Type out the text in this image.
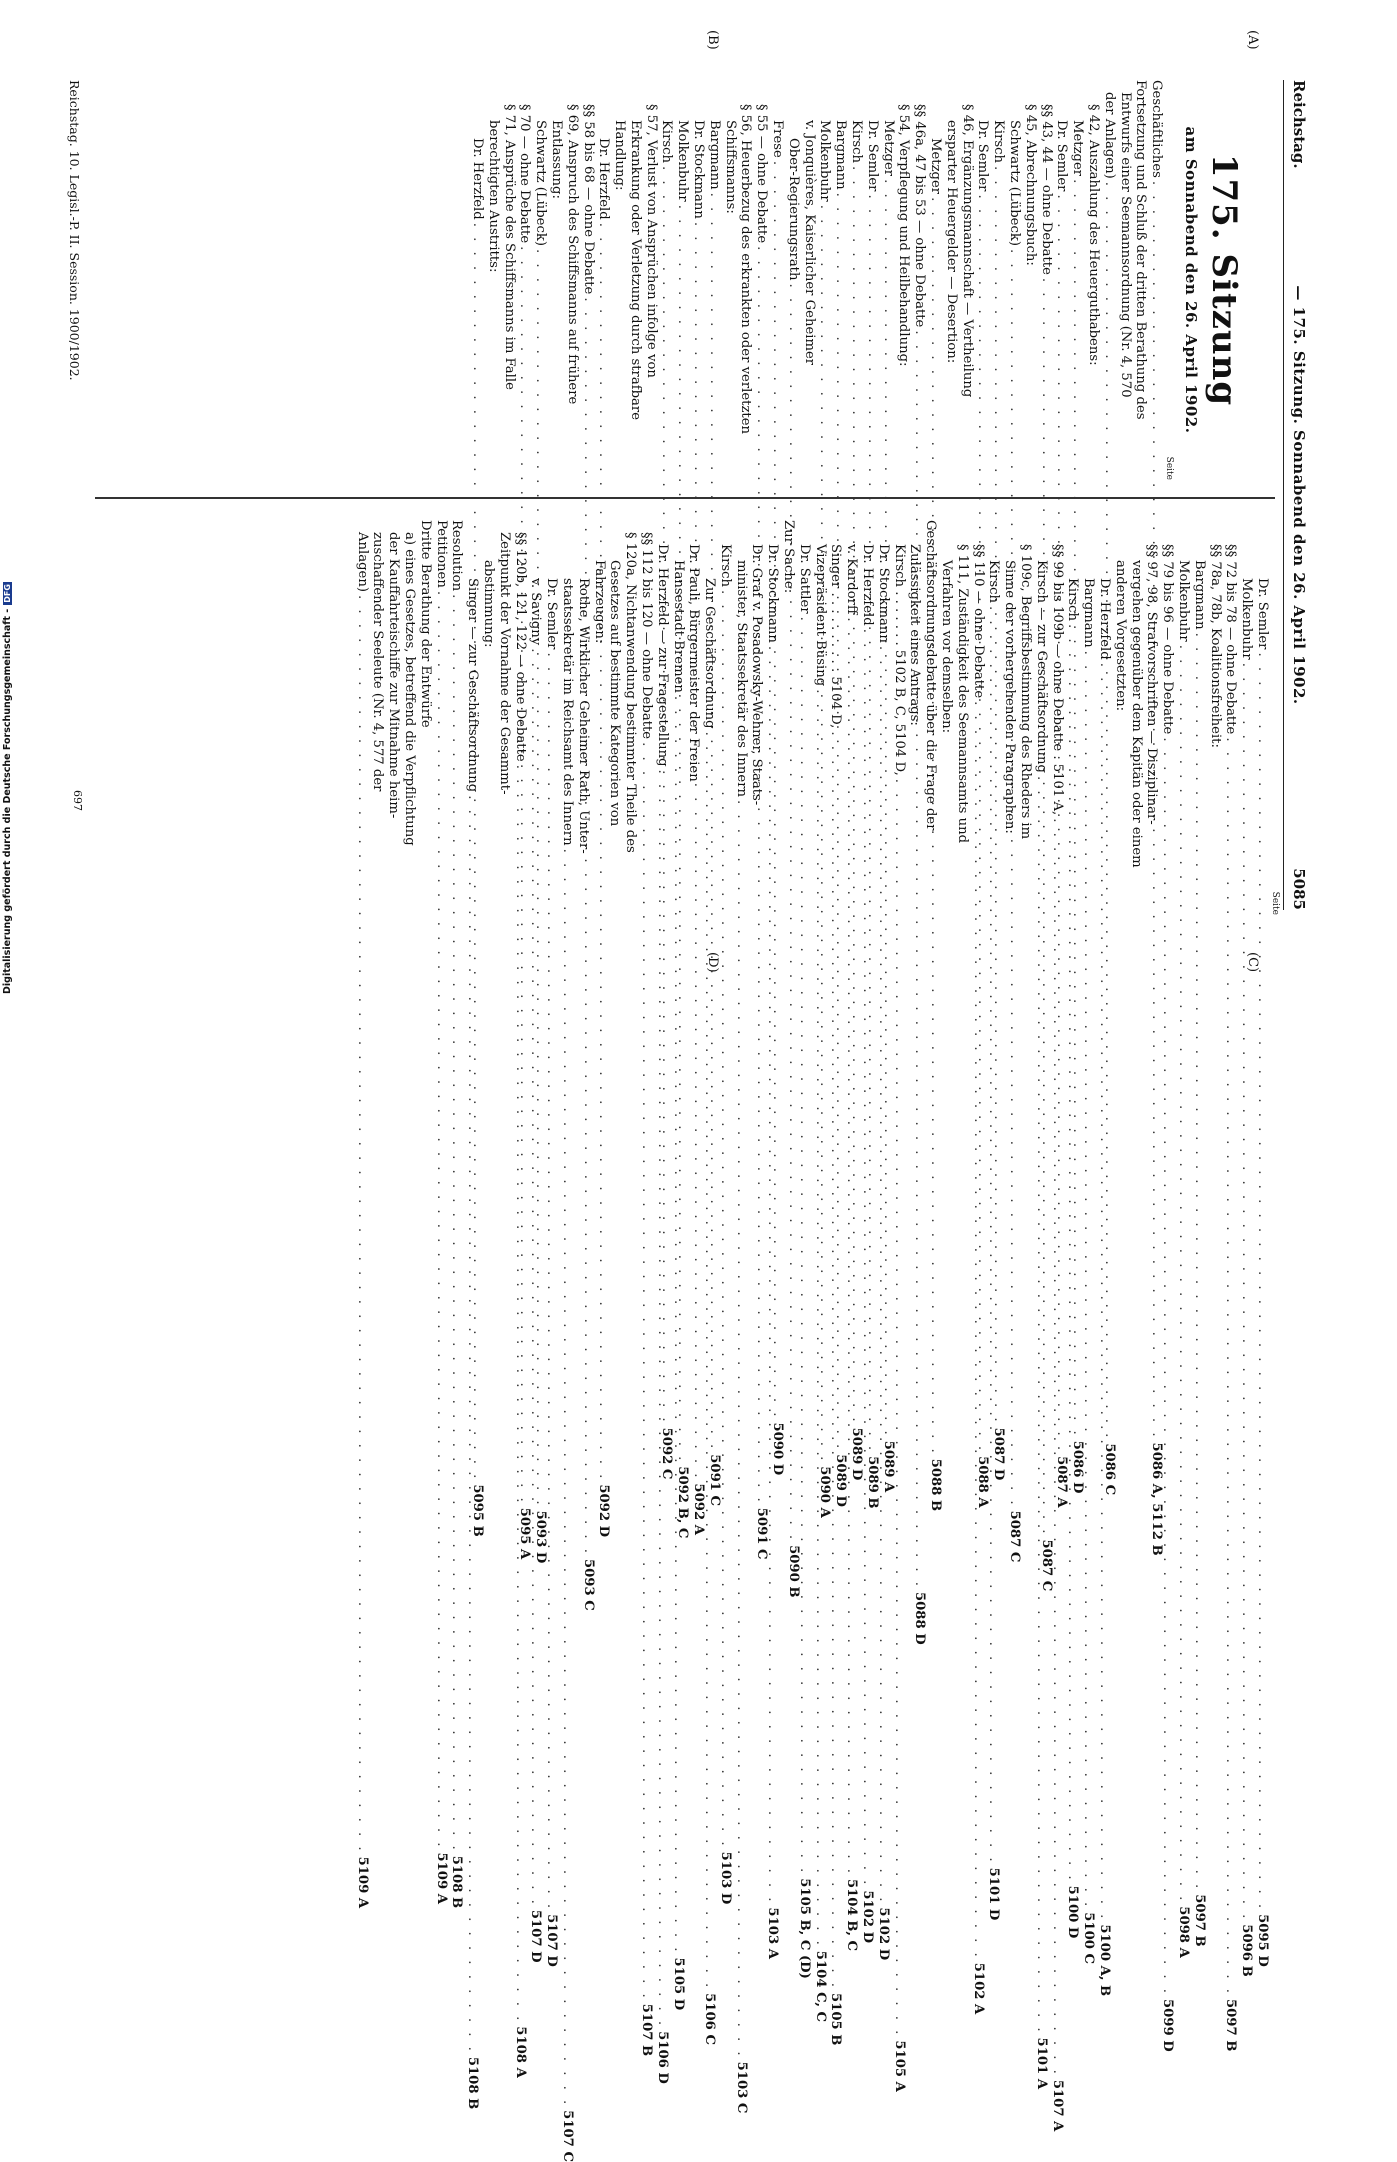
Reichstag.
— 175. Sitzung. Sonnabend den 26. April 1902.
5085
(A)
(B)
(C)
(D)
175. Sitzung
am Sonnabend den 26. April 1902.
Seite
Geschäftliches
. . .
5086 A, 5112 B
Fortsetzung und Schluß der dritten Berathung des
Entwurfs einer Seemannsordnung (Nr. 4, 570
der Anlagen)
. . .
5086 C
§ 42, Auszahlung des Heuerguthabens:
Metzger
. . .
5086 D
Dr. Semler
. . .
5087 A
§§ 43, 44 — ohne Debatte
. . .
5087 C
§ 45, Abrechnungsbuch:
Schwartz (Lübeck)
. . .
5087 C
Kirsch
. . .
5087 D
Dr. Semler
. . .
5088 A
§ 46, Ergänzungsmannschaft — Vertheilung
ersparter Heuergelder — Desertion:
Metzger
. . .
5088 B
§§ 46a, 47 bis 53 — ohne Debatte
. . .
5088 D
§ 54, Verpflegung und Heilbehandlung:
Metzger
. . .
5089 A
Dr. Semler
. . .
5089 B
Kirsch
. . .
5089 D
Bargmann
. . .
5089 D
Molkenbuhr
. . .
5090 A
v. Jonquières, Kaiserlicher Geheimer
Ober-Regierungsrath
. . .
5090 B
Frese
. . .
5090 D
§ 55 — ohne Debatte
. . .
5091 C
§ 56, Heuerbezug des erkrankten oder verletzten
Schiffsmanns:
Bargmann
. . .
5091 C
Dr. Stockmann
. . .
5092 A
Molkenbuhr
. . .
5092 B, C
Kirsch
. . .
5092 C
§ 57, Verlust von Ansprüchen infolge von
Erkrankung oder Verletzung durch strafbare
Handlung:
Dr. Herzfeld
. . .
5092 D
§§ 58 bis 68 — ohne Debatte
. . .
5093 C
§ 69, Anspruch des Schiffsmanns auf frühere
Entlassung:
Schwartz (Lübeck)
. . .
5093 D
§ 70 — ohne Debatte
. . .
5095 A
§ 71, Ansprüche des Schiffsmanns im Falle
berechtigten Austritts:
Dr. Herzfeld
. . .
5095 B
Seite
Dr. Semler
. . .
5095 D
Molkenbuhr
. . .
5096 B
§§ 72 bis 78 — ohne Debatte
. . .
5097 B
§§ 78a, 78b, Koalitionsfreiheit:
Bargmann
. . .
5097 B
Molkenbuhr
. . .
5098 A
§§ 79 bis 96 — ohne Debatte
. . .
5099 D
§§ 97, 98, Strafvorschriften — Disziplinar-
vergehen gegenüber dem Kapitän oder einem
anderen Vorgesetzten:
Dr. Herzfeld
. . .
5100 A, B
Bargmann
. . .
5100 C
Kirsch
. . .
5100 D
§§ 99 bis 109b — ohne Debatte . 5101 A,
. . .
5107 A
Kirsch — zur Geschäftsordnung
. . .
5101 A
§ 109c, Begriffsbestimmung des Rheders im
Sinne der vorhergehenden Paragraphen:
Kirsch
. . .
5101 D
§§ 110 — ohne Debatte
. . .
5102 A
§ 111, Zuständigkeit des Seemannsamts und
Verfahren vor demselben:
Geschäftsordnungsdebatte über die Frage der
Zulässigkeit eines Antrags:
Kirsch . . . . . . . 5102 B, C, 5104 D,
. . .
5105 A
Dr. Stockmann
. . .
5102 D
Dr. Herzfeld
. . .
5102 D
v. Kardorff
. . .
5104 B, C
Singer . . . . . . . . . . 5104 D,
. . .
5105 B
Vizepräsident Büsing
. . .
5104 C, C
Dr. Sattler
. . .
5105 B, C (D)
Zur Sache:
Dr. Stockmann
. . .
5103 A
Dr. Graf v. Posadowsky-Wehner, Staats-
minister, Staatssekretär des Innern
. . .
5103 C
Kirsch
. . .
5103 D
Zur Geschäftsordnung
. . .
5106 C
Dr. Pauli, Bürgermeister der Freien
Hansestadt Bremen
. . .
5105 D
Dr. Herzfeld — zur Fragestellung
. . .
5106 D
§§ 112 bis 120 — ohne Debatte
. . .
5107 B
§ 120a, Nichtanwendung bestimmter Theile des
Gesetzes auf bestimmte Kategorien von
Fahrzeugen:
Rothe, Wirklicher Geheimer Rath, Unter-
staatssekretär im Reichsamt des Innern
. . .
5107 C
Dr. Semler
. . .
5107 D
v. Savigny
. . .
5107 D
§§ 120b, 121, 122 — ohne Debatte
. . .
5108 A
Zeitpunkt der Vornahme der Gesammt-
abstimmung:
Singer — zur Geschäftsordnung
. . .
5108 B
Resolution
. . .
5108 B
Petitionen
. . .
5109 A
Dritte Berathung der Entwürfe
a) eines Gesetzes, betreffend die Verpflichtung
der Kauffahrteischiffe zur Mitnahme heim-
zuschaffender Seeleute (Nr. 4, 577 der
Anlagen)
. . .
5109 A
Reichstag. 10. Legisl.-P. II. Session. 1900/1902.
697
Digitalisierung gefördert durch die Deutsche Forschungsgemeinschaft -DFG
